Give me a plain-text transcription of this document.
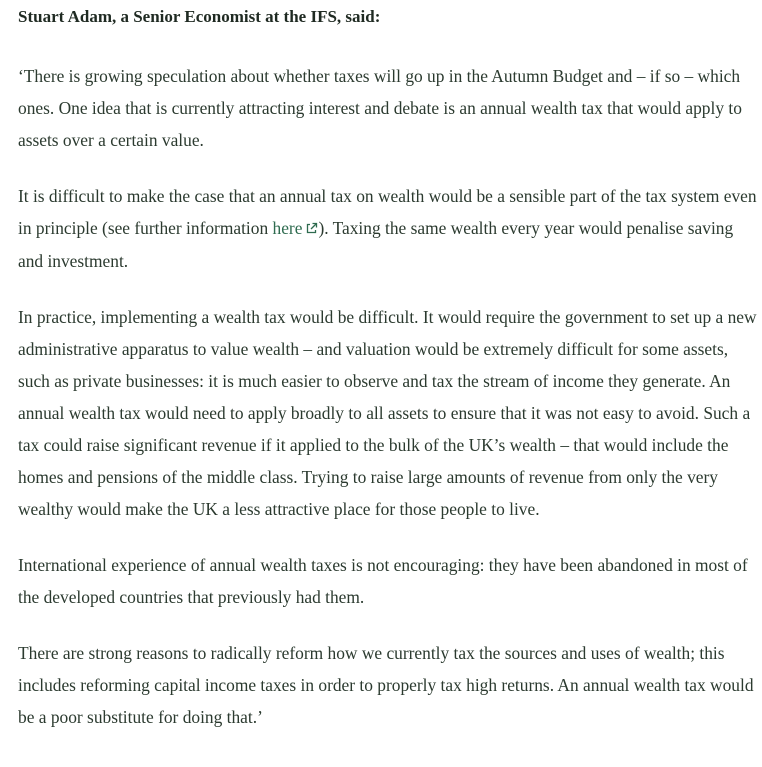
Stuart Adam, a Senior Economist at the IFS, said:

‘There is growing speculation about whether taxes will go up in the Autumn Budget and – if so – which ones. One idea that is currently attracting interest and debate is an annual wealth tax that would apply to assets over a certain value.

It is difficult to make the case that an annual tax on wealth would be a sensible part of the tax system even in principle (see further information here ). Taxing the same wealth every year would penalise saving and investment.

In practice, implementing a wealth tax would be difficult. It would require the government to set up a new administrative apparatus to value wealth – and valuation would be extremely difficult for some assets, such as private businesses: it is much easier to observe and tax the stream of income they generate. An annual wealth tax would need to apply broadly to all assets to ensure that it was not easy to avoid. Such a tax could raise significant revenue if it applied to the bulk of the UK’s wealth – that would include the homes and pensions of the middle class. Trying to raise large amounts of revenue from only the very wealthy would make the UK a less attractive place for those people to live.

International experience of annual wealth taxes is not encouraging: they have been abandoned in most of the developed countries that previously had them.

There are strong reasons to radically reform how we currently tax the sources and uses of wealth; this includes reforming capital income taxes in order to properly tax high returns. An annual wealth tax would be a poor substitute for doing that.’
